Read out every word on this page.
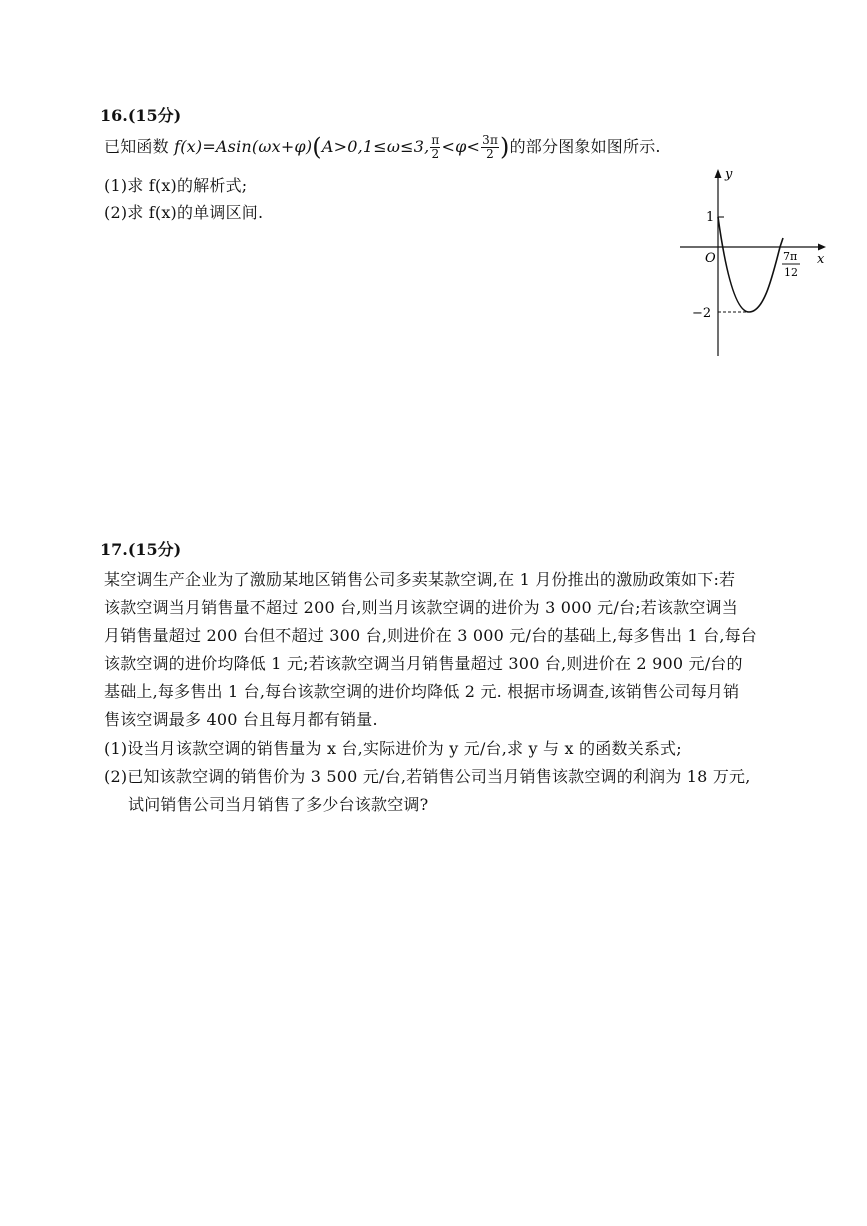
16.(15分)
已知函数 f(x)=Asin(ωx+φ)(A>0,1≤ω≤3, $\frac{\pi}{2} <\varphi< \frac{3\pi}{2}$ )的部分图象如图所示.
(1)求 f(x)的解析式;
(2)求 f(x)的单调区间.
y
x
O
1
−2
7π
12
17.(15分)
某空调生产企业为了激励某地区销售公司多卖某款空调,在 1 月份推出的激励政策如下:若
该款空调当月销售量不超过 200 台,则当月该款空调的进价为 3 000 元/台;若该款空调当
月销售量超过 200 台但不超过 300 台,则进价在 3 000 元/台的基础上,每多售出 1 台,每台
该款空调的进价均降低 1 元;若该款空调当月销售量超过 300 台,则进价在 2 900 元/台的
基础上,每多售出 1 台,每台该款空调的进价均降低 2 元. 根据市场调查,该销售公司每月销
售该空调最多 400 台且每月都有销量.
(1)设当月该款空调的销售量为 x 台,实际进价为 y 元/台,求 y 与 x 的函数关系式;
(2)已知该款空调的销售价为 3 500 元/台,若销售公司当月销售该款空调的利润为 18 万元,
试问销售公司当月销售了多少台该款空调?
